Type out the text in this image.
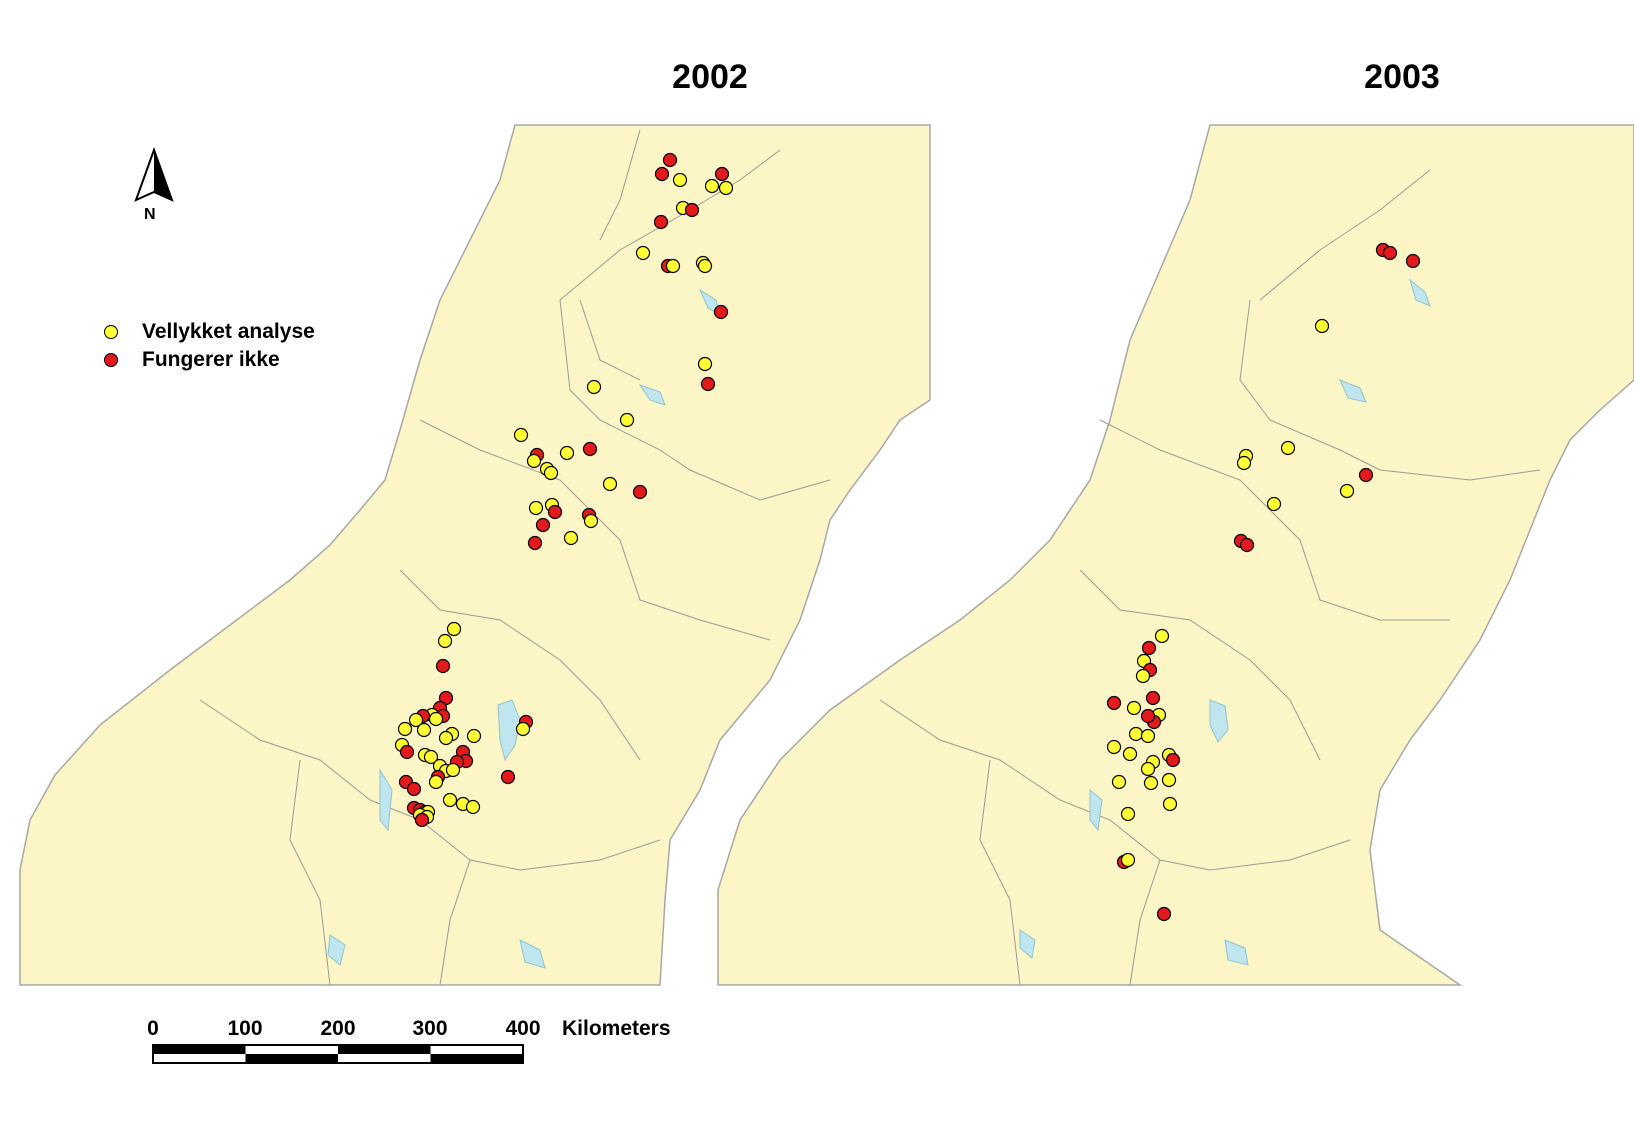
2002	2003
N
Vellykket analyse
Fungerer ikke
0	100	200	300	400 Kilometers
